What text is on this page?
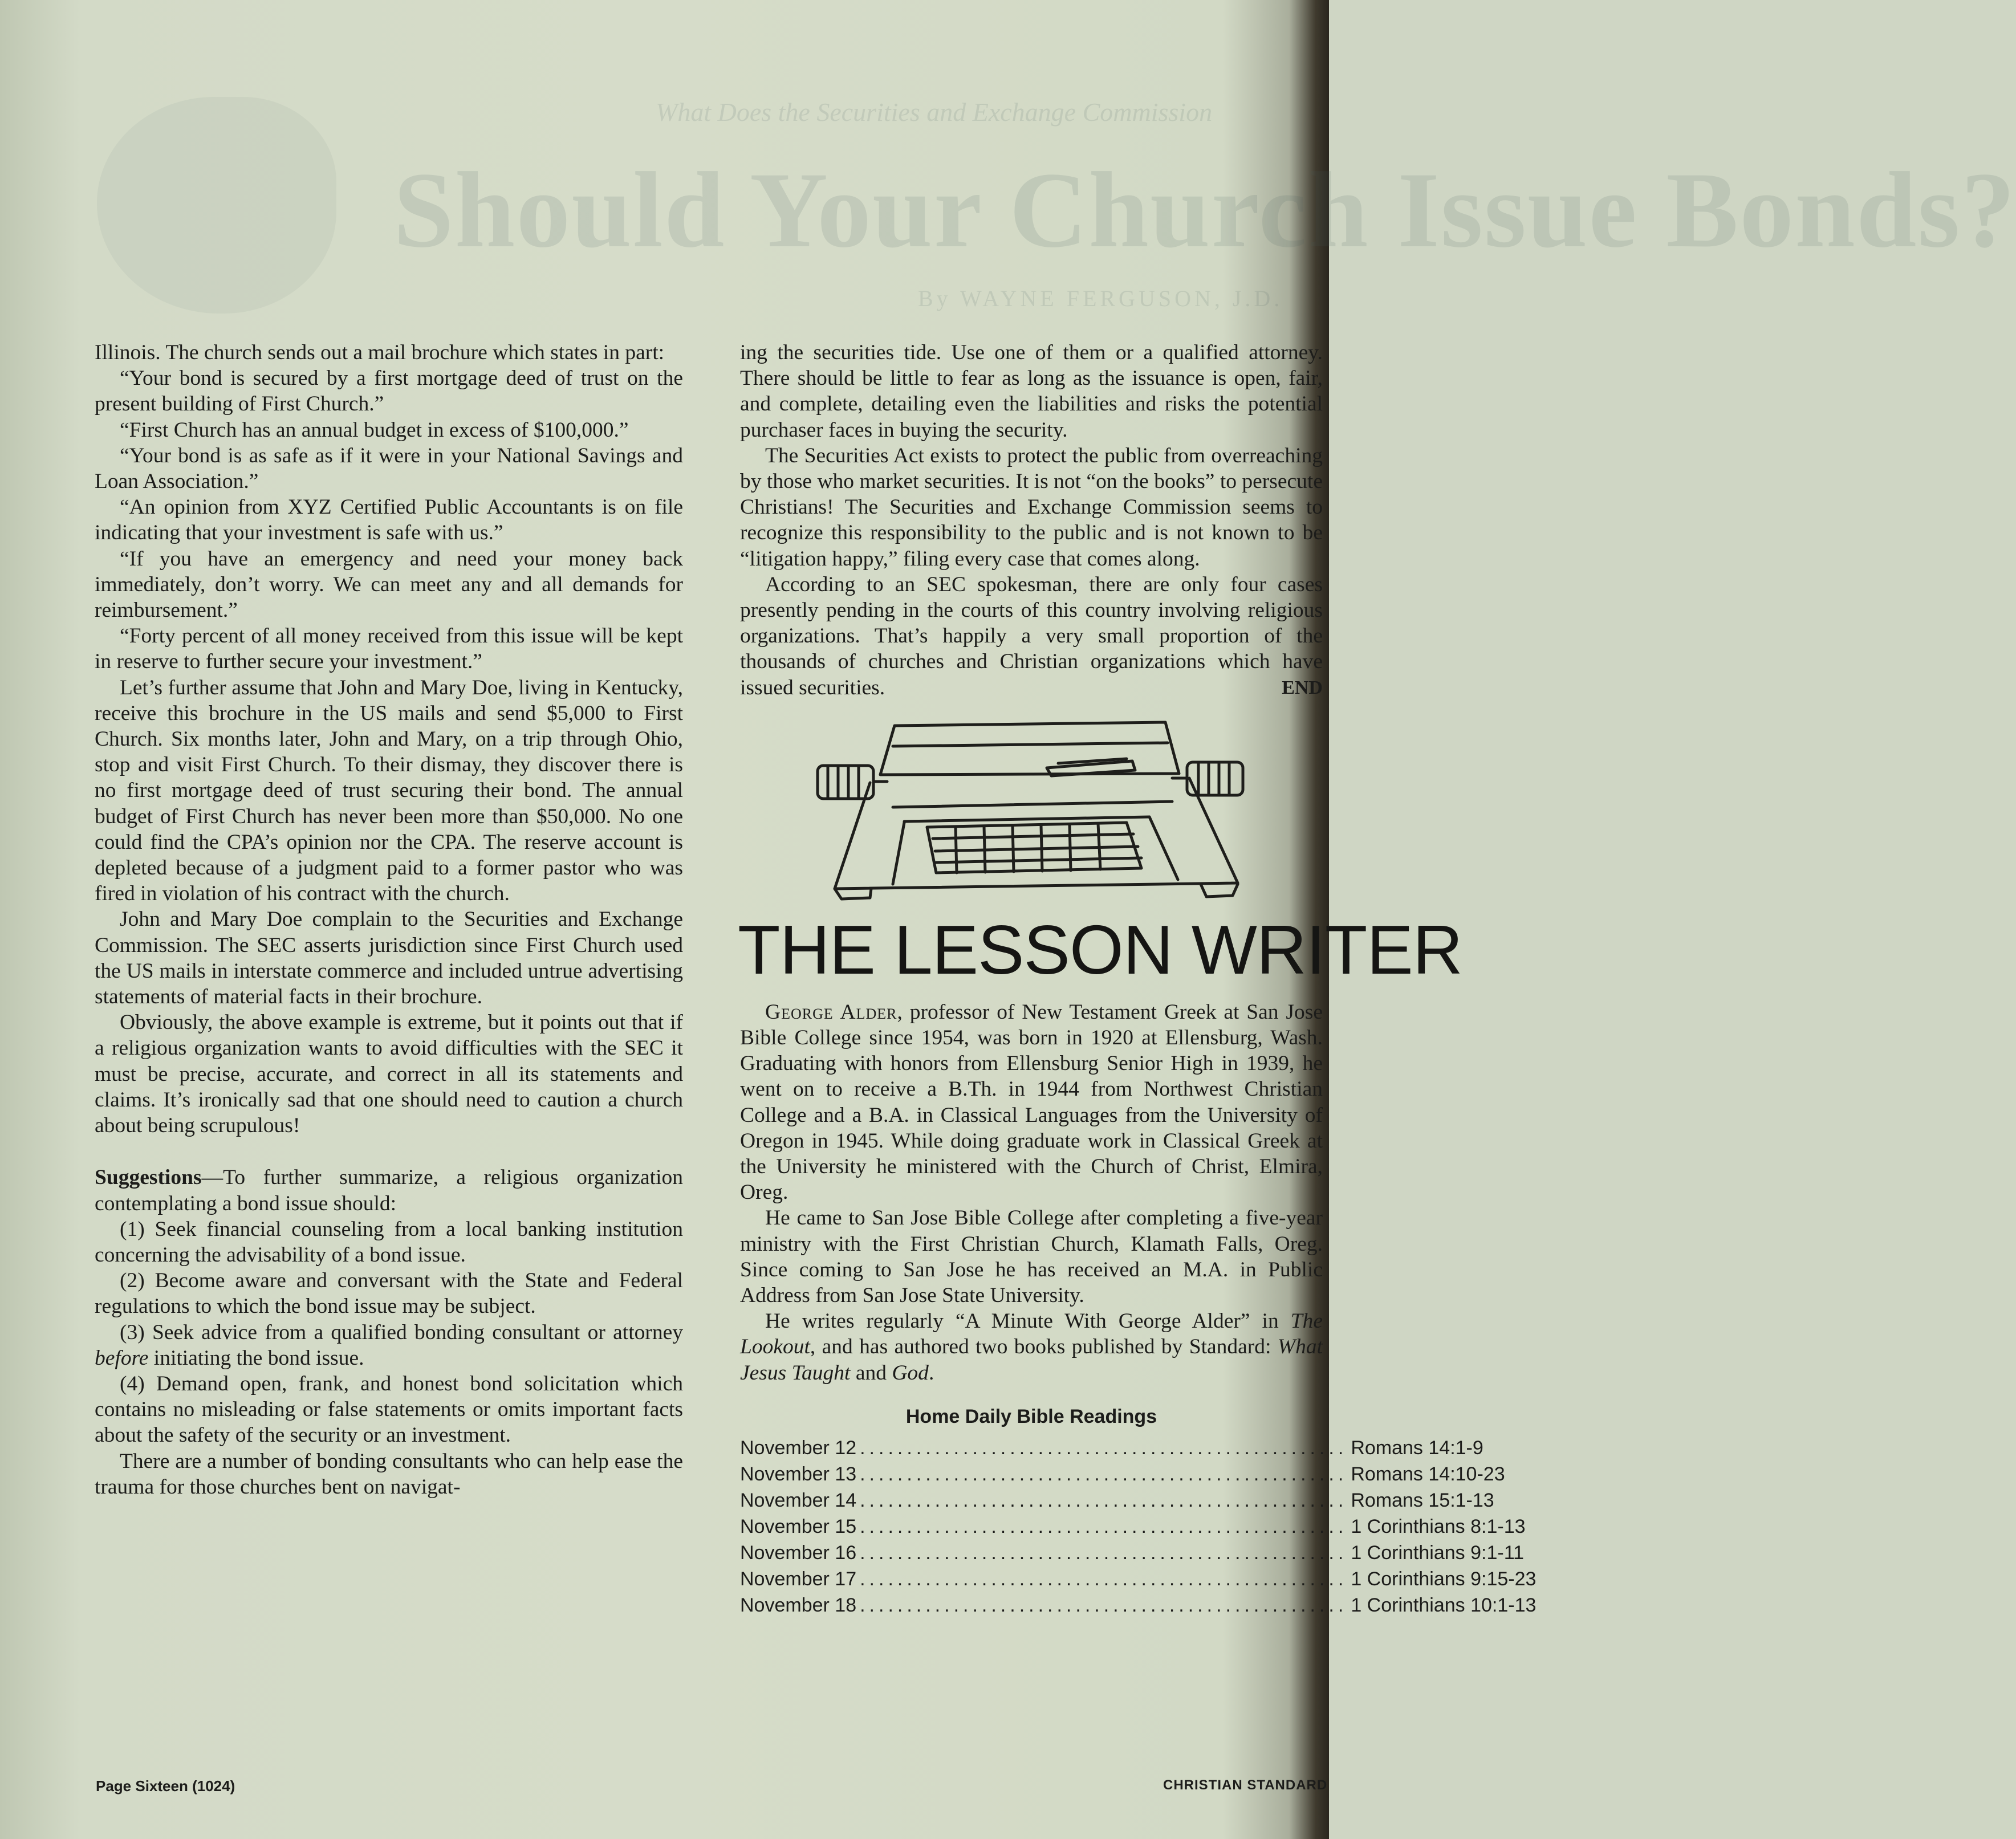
What Does the Securities and Exchange Commission
Should Your Church Issue Bonds?
By WAYNE FERGUSON, J.D.

Illinois. The church sends out a mail brochure which states in part:

“Your bond is secured by a first mortgage deed of trust on the present building of First Church.”

“First Church has an annual budget in excess of $100,000.”

“Your bond is as safe as if it were in your National Savings and Loan Association.”

“An opinion from XYZ Certified Public Accountants is on file indicating that your investment is safe with us.”

“If you have an emergency and need your money back immediately, don’t worry. We can meet any and all demands for reimbursement.”

“Forty percent of all money received from this issue will be kept in reserve to further secure your investment.”

Let’s further assume that John and Mary Doe, living in Kentucky, receive this brochure in the US mails and send $5,000 to First Church. Six months later, John and Mary, on a trip through Ohio, stop and visit First Church. To their dismay, they discover there is no first mortgage deed of trust securing their bond. The annual budget of First Church has never been more than $50,000. No one could find the CPA’s opinion nor the CPA. The reserve account is depleted because of a judgment paid to a former pastor who was fired in violation of his contract with the church.

John and Mary Doe complain to the Securities and Exchange Commission. The SEC asserts jurisdiction since First Church used the US mails in interstate commerce and included untrue advertising statements of material facts in their brochure.

Obviously, the above example is extreme, but it points out that if a religious organization wants to avoid difficulties with the SEC it must be precise, accurate, and correct in all its statements and claims. It’s ironically sad that one should need to caution a church about being scrupulous!

Suggestions—To further summarize, a religious organization contemplating a bond issue should:

(1) Seek financial counseling from a local banking institution concerning the advisability of a bond issue.

(2) Become aware and conversant with the State and Federal regulations to which the bond issue may be subject.

(3) Seek advice from a qualified bonding consultant or attorney before initiating the bond issue.

(4) Demand open, frank, and honest bond solicitation which contains no misleading or false statements or omits important facts about the safety of the security or an investment.

There are a number of bonding consultants who can help ease the trauma for those churches bent on navigat-

ing the securities tide. Use one of them or a qualified attorney. There should be little to fear as long as the issuance is open, fair, and complete, detailing even the liabilities and risks the potential purchaser faces in buying the security.

The Securities Act exists to protect the public from overreaching by those who market securities. It is not “on the books” to persecute Christians! The Securities and Exchange Commission seems to recognize this responsibility to the public and is not known to be “litigation happy,” filing every case that comes along.

According to an SEC spokesman, there are only four cases presently pending in the courts of this country involving religious organizations. That’s happily a very small proportion of the thousands of churches and Christian organizations which have issued securities.	END

THE LESSON WRITER

George Alder, professor of New Testament Greek at San Jose Bible College since 1954, was born in 1920 at Ellensburg, Wash. Graduating with honors from Ellensburg Senior High in 1939, he went on to receive a B.Th. in 1944 from Northwest Christian College and a B.A. in Classical Languages from the University of Oregon in 1945. While doing graduate work in Classical Greek at the University he ministered with the Church of Christ, Elmira, Oreg.

He came to San Jose Bible College after completing a five-year ministry with the First Christian Church, Klamath Falls, Oreg. Since coming to San Jose he has received an M.A. in Public Address from San Jose State University.

He writes regularly “A Minute With George Alder” in The Lookout, and has authored two books published by Standard: What Jesus Taught and God.

Home Daily Bible Readings
November 12 .................................................... Romans 14:1-9
November 13 .................................................... Romans 14:10-23
November 14 .................................................... Romans 15:1-13
November 15 .................................................... 1 Corinthians 8:1-13
November 16 .................................................... 1 Corinthians 9:1-11
November 17 .................................................... 1 Corinthians 9:15-23
November 18 .................................................... 1 Corinthians 10:1-13
Page Sixteen (1024)	CHRISTIAN STANDARD
